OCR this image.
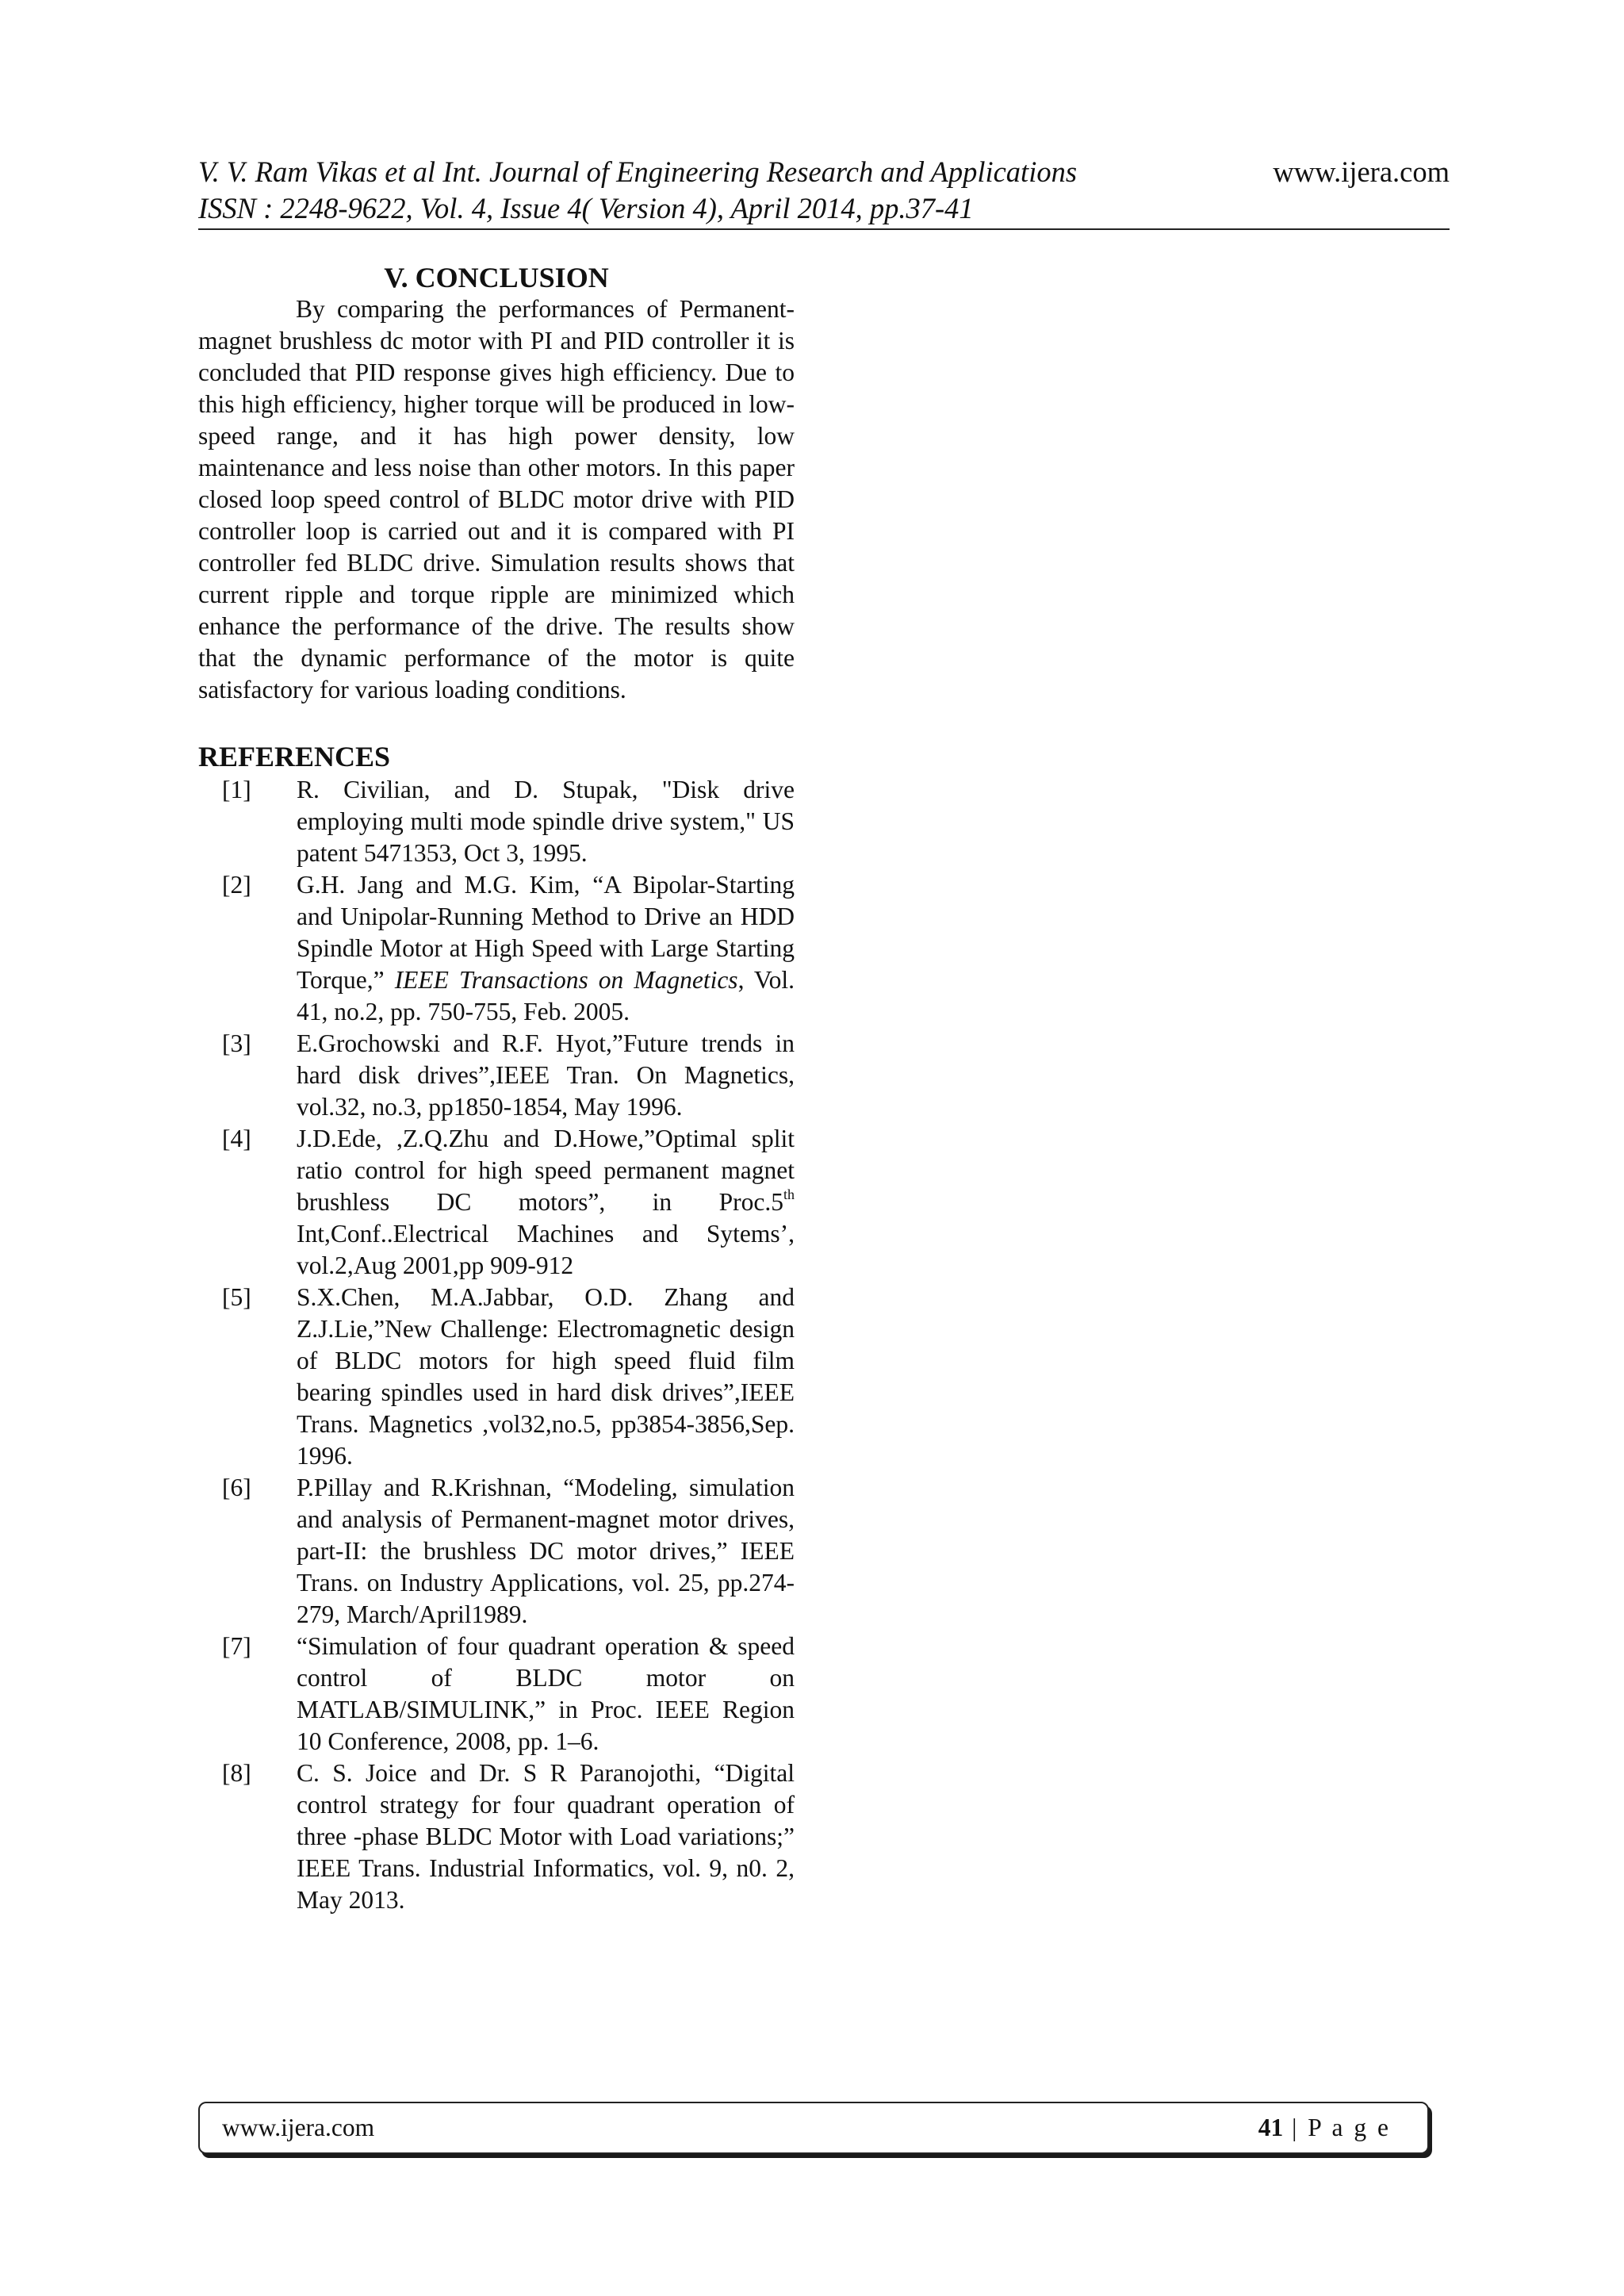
V. V. Ram Vikas et al Int. Journal of Engineering Research and Applications	www.ijera.com
ISSN : 2248-9622, Vol. 4, Issue 4( Version 4), April 2014, pp.37-41
V. CONCLUSION

By comparing the performances of Permanent-magnet brushless dc motor with PI and PID controller it is concluded that PID response gives high efficiency. Due to this high efficiency, higher torque will be produced in low-speed range, and it has high power density, low maintenance and less noise than other motors. In this paper closed loop speed control of BLDC motor drive with PID controller loop is carried out and it is compared with PI controller fed BLDC drive. Simulation results shows that current ripple and torque ripple are minimized which enhance the performance of the drive. The results show that the dynamic performance of the motor is quite satisfactory for various loading conditions.

REFERENCES
[1] R. Civilian, and D. Stupak, "Disk drive employing multi mode spindle drive system," US patent 5471353, Oct 3, 1995.
[2] G.H. Jang and M.G. Kim, “A Bipolar-Starting and Unipolar-Running Method to Drive an HDD Spindle Motor at High Speed with Large Starting Torque,” IEEE Transactions on Magnetics, Vol. 41, no.2, pp. 750-755, Feb. 2005.
[3] E.Grochowski and R.F. Hyot,”Future trends in hard disk drives”,IEEE Tran. On Magnetics, vol.32, no.3, pp1850-1854, May 1996.
[4] J.D.Ede, ,Z.Q.Zhu and D.Howe,”Optimal split ratio control for high speed permanent magnet brushless DC motors”, in Proc.5th Int,Conf..Electrical Machines and Sytems’, vol.2,Aug 2001,pp 909-912
[5] S.X.Chen, M.A.Jabbar, O.D. Zhang and Z.J.Lie,”New Challenge: Electromagnetic design of BLDC motors for high speed fluid film bearing spindles used in hard disk drives”,IEEE Trans. Magnetics ,vol32,no.5, pp3854-3856,Sep. 1996.
[6] P.Pillay and R.Krishnan, “Modeling, simulation and analysis of Permanent-magnet motor drives, part-II: the brushless DC motor drives,” IEEE Trans. on Industry Applications, vol. 25, pp.274- 279, March/April1989.
[7] “Simulation of four quadrant operation & speed control of BLDC motor on MATLAB/SIMULINK,” in Proc. IEEE Region 10 Conference, 2008, pp. 1–6.
[8] C. S. Joice and Dr. S R Paranojothi, “Digital control strategy for four quadrant operation of three -phase BLDC Motor with Load variations;” IEEE Trans. Industrial Informatics, vol. 9, n0. 2, May 2013.
www.ijera.com	41 | P a g e
